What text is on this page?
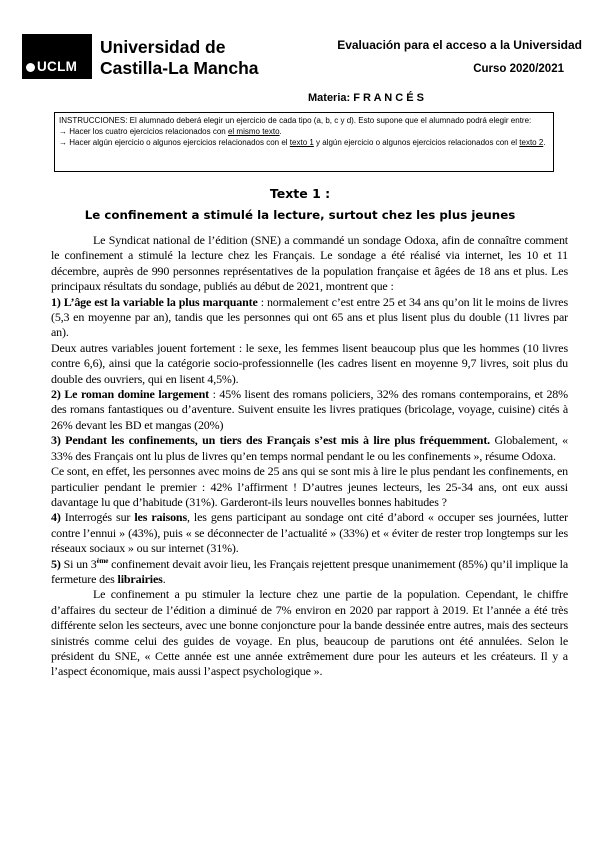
UCLM
Universidad de
Castilla-La Mancha
Evaluación para el acceso a la Universidad
Curso 2020/2021
Materia: F R A N C É S

INSTRUCCIONES: El alumnado deberá elegir un ejercicio de cada tipo (a, b, c y d). Esto supone que el alumnado podrá elegir entre:

→ Hacer los cuatro ejercicios relacionados con el mismo texto.

→ Hacer algún ejercicio o algunos ejercicios relacionados con el texto 1 y algún ejercicio o algunos ejercicios relacionados con el texto 2.

Texte 1 :
Le confinement a stimulé la lecture, surtout chez les plus jeunes

Le Syndicat national de l’édition (SNE) a commandé un sondage Odoxa, afin de connaître comment le confinement a stimulé la lecture chez les Français. Le sondage a été réalisé via internet, les 10 et 11 décembre, auprès de 990 personnes représentatives de la population française et âgées de 18 ans et plus. Les principaux résultats du sondage, publiés au début de 2021, montrent que :

1) L’âge est la variable la plus marquante : normalement c’est entre 25 et 34 ans qu’on lit le moins de livres (5,3 en moyenne par an), tandis que les personnes qui ont 65 ans et plus lisent plus du double (11 livres par an).

Deux autres variables jouent fortement : le sexe, les femmes lisent beaucoup plus que les hommes (10 livres contre 6,6), ainsi que la catégorie socio-professionnelle (les cadres lisent en moyenne 9,7 livres, soit plus du double des ouvriers, qui en lisent 4,5%).

2) Le roman domine largement : 45% lisent des romans policiers, 32% des romans contemporains, et 28% des romans fantastiques ou d’aventure. Suivent ensuite les livres pratiques (bricolage, voyage, cuisine) cités à 26% devant les BD et mangas (20%)

3) Pendant les confinements, un tiers des Français s’est mis à lire plus fréquemment. Globalement, « 33% des Français ont lu plus de livres qu’en temps normal pendant le ou les confinements », résume Odoxa.

Ce sont, en effet, les personnes avec moins de 25 ans qui se sont mis à lire le plus pendant les confinements, en particulier pendant le premier : 42% l’affirment ! D’autres jeunes lecteurs, les 25-34 ans, ont eux aussi davantage lu que d’habitude (31%). Garderont-ils leurs nouvelles bonnes habitudes ?

4) Interrogés sur les raisons, les gens participant au sondage ont cité d’abord « occuper ses journées, lutter contre l’ennui » (43%), puis « se déconnecter de l’actualité » (33%) et « éviter de rester trop longtemps sur les réseaux sociaux » ou sur internet (31%).

5) Si un 3ème confinement devait avoir lieu, les Français rejettent presque unanimement (85%) qu’il implique la fermeture des librairies.

Le confinement a pu stimuler la lecture chez une partie de la population. Cependant, le chiffre d’affaires du secteur de l’édition a diminué de 7% environ en 2020 par rapport à 2019. Et l’année a été très différente selon les secteurs, avec une bonne conjoncture pour la bande dessinée entre autres, mais des secteurs sinistrés comme celui des guides de voyage. En plus, beaucoup de parutions ont été annulées. Selon le président du SNE, « Cette année est une année extrêmement dure pour les auteurs et les créateurs. Il y a l’aspect économique, mais aussi l’aspect psychologique ».
